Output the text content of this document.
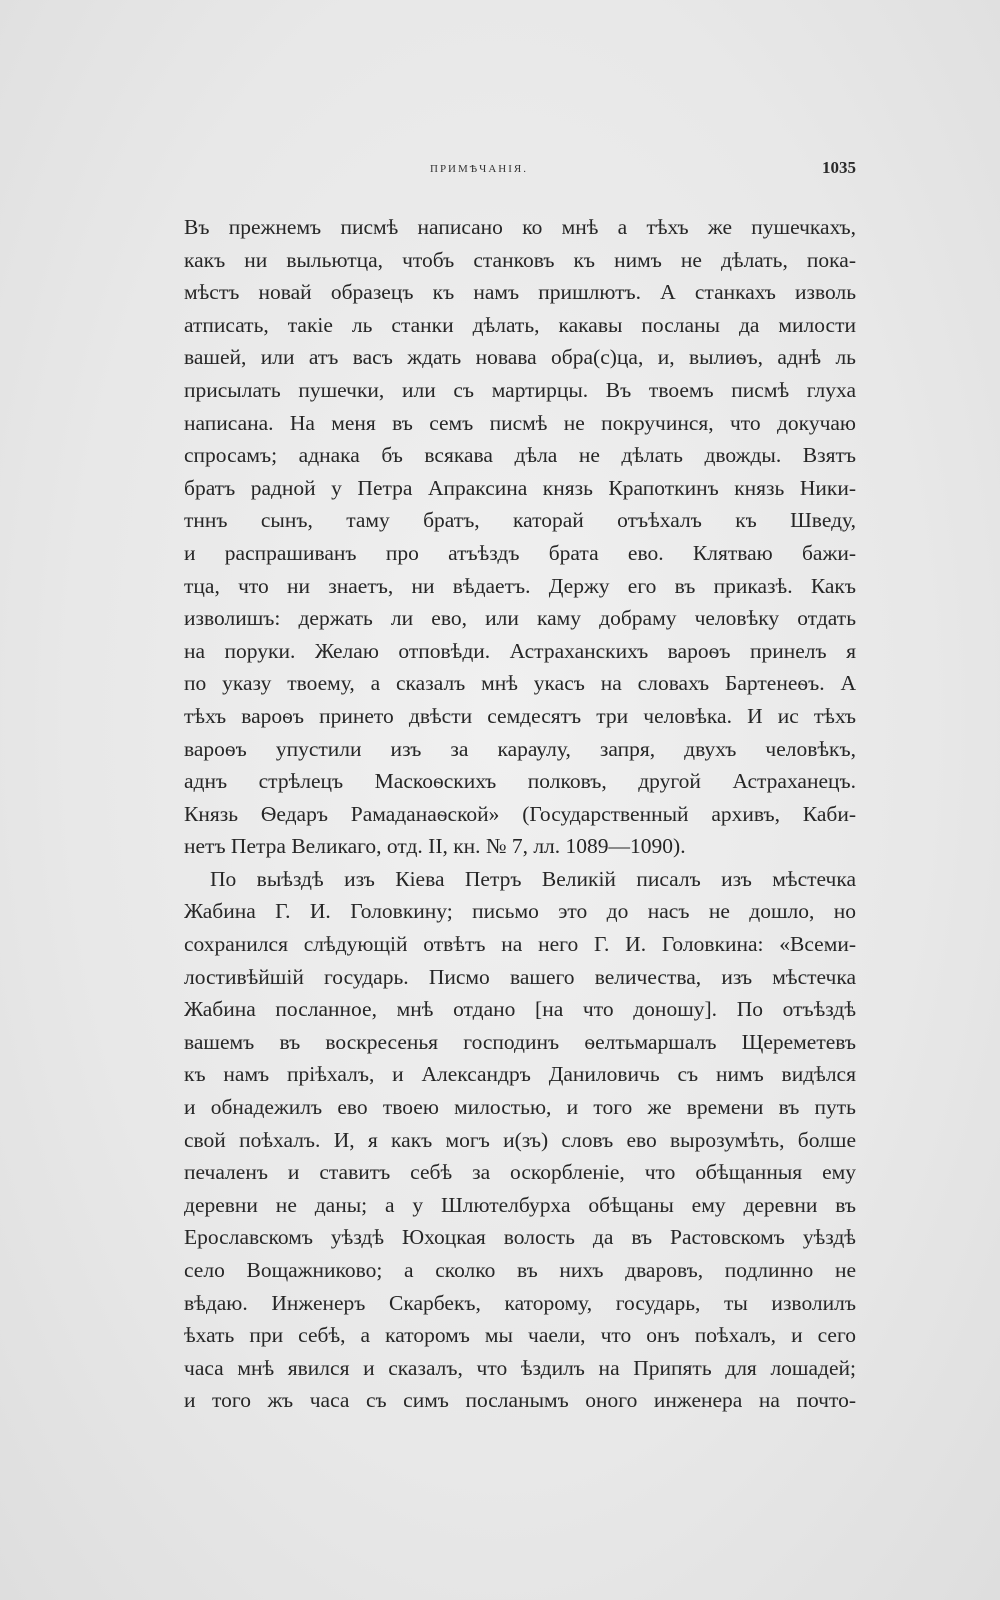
ПРИМѢЧАНІЯ.	1035
Въ прежнемъ писмѣ написано ко мнѣ а тѣхъ же пушечкахъ,
какъ ни выльютца, чтобъ станковъ къ нимъ не дѣлать, пока-
мѣстъ новай образецъ къ намъ пришлютъ. А станкахъ изволь
атписать, такіе ль станки дѣлать, какавы посланы да милости
вашей, или атъ васъ ждать новава обра(с)ца, и, вылиѳъ, аднѣ ль
присылать пушечки, или съ мартирцы. Въ твоемъ писмѣ глуха
написана. На меня въ семъ писмѣ не покручинся, что докучаю
спросамъ; аднака бъ всякава дѣла не дѣлать двожды. Взятъ
братъ радной у Петра Апраксина князь Крапоткинъ князь Ники-
тннъ сынъ, таму братъ, каторай отъѣхалъ къ Шведу,
и распрашиванъ про атъѣздъ брата ево. Клятваю бажи-
тца, что ни знаетъ, ни вѣдаетъ. Держу его въ приказѣ. Какъ
изволишъ: держать ли ево, или каму добраму человѣку отдать
на поруки. Желаю отповѣди. Астраханскихъ вароѳъ принелъ я
по указу твоему, а сказалъ мнѣ укасъ на словахъ Бартенеѳъ. А
тѣхъ вароѳъ принето двѣсти семдесятъ три человѣка. И ис тѣхъ
вароѳъ упустили изъ за караулу, запря, двухъ человѣкъ,
аднъ стрѣлецъ Маскоѳскихъ полковъ, другой Астраханецъ.
Князь Ѳедаръ Рамаданаѳской» (Государственный архивъ, Каби-
нетъ Петра Великаго, отд. II, кн. № 7, лл. 1089—1090).
По выѣздѣ изъ Кіева Петръ Великій писалъ изъ мѣстечка
Жабина Г. И. Головкину; письмо это до насъ не дошло, но
сохранился слѣдующій отвѣтъ на него Г. И. Головкина: «Всеми-
лостивѣйшій государь. Писмо вашего величества, изъ мѣстечка
Жабина посланное, мнѣ отдано [на что доношу]. По отъѣздѣ
вашемъ въ воскресенья господинъ ѳелтьмаршалъ Щереметевъ
къ намъ пріѣхалъ, и Александръ Даниловичь съ нимъ видѣлся
и обнадежилъ ево твоею милостью, и того же времени въ путь
свой поѣхалъ. И, я какъ могъ и(зъ) словъ ево вырозумѣть, болше
печаленъ и ставитъ себѣ за оскорбленіе, что обѣщанныя ему
деревни не даны; а у Шлютелбурха обѣщаны ему деревни въ
Ерославскомъ уѣздѣ Юхоцкая волость да въ Растовскомъ уѣздѣ
село Вощажниково; а сколко въ нихъ дваровъ, подлинно не
вѣдаю. Инженеръ Скарбекъ, каторому, государь, ты изволилъ
ѣхать при себѣ, а каторомъ мы чаели, что онъ поѣхалъ, и сего
часа мнѣ явился и сказалъ, что ѣздилъ на Припять для лошадей;
и того жъ часа съ симъ посланымъ оного инженера на почто-
